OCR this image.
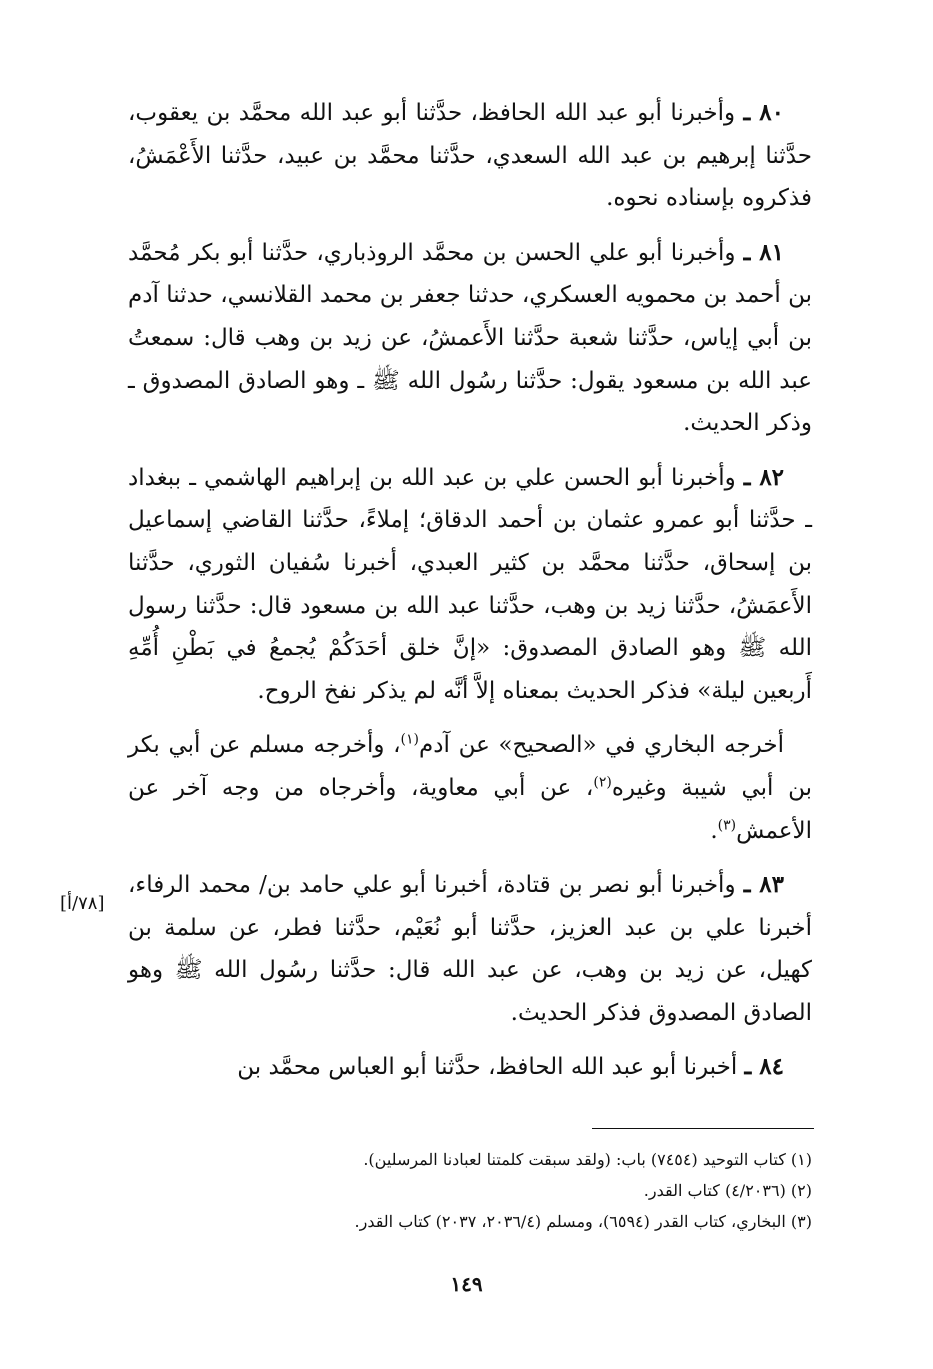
٨٠ ـ وأخبرنا أبو عبد الله الحافظ، حدَّثنا أبو عبد الله محمَّد بن يعقوب، حدَّثنا إبرهيم بن عبد الله السعدي، حدَّثنا محمَّد بن عبيد، حدَّثنا الأَعْمَشُ، فذكروه بإسناده نحوه.

٨١ ـ وأخبرنا أبو علي الحسن بن محمَّد الروذباري، حدَّثنا أبو بكر مُحمَّد بن أحمد بن محمويه العسكري، حدثنا جعفر بن محمد القلانسي، حدثنا آدم بن أبي إياس، حدَّثنا شعبة حدَّثنا الأَعمشُ، عن زيد بن وهب قال: سمعتُ عبد الله بن مسعود يقول: حدَّثنا رسُول الله ﷺ ـ وهو الصادق المصدوق ـ وذكر الحديث.

٨٢ ـ وأخبرنا أبو الحسن علي بن عبد الله بن إبراهيم الهاشمي ـ ببغداد ـ حدَّثنا أبو عمرو عثمان بن أحمد الدقاق؛ إملاءً، حدَّثنا القاضي إسماعيل بن إسحاق، حدَّثنا محمَّد بن كثير العبدي، أخبرنا سُفيان الثوري، حدَّثنا الأَعمَشُ، حدَّثنا زيد بن وهب، حدَّثنا عبد الله بن مسعود قال: حدَّثنا رسول الله ﷺ وهو الصادق المصدوق: «إنَّ خلق أحَدَكُمْ يُجمعُ في بَطْنِ أُمِّهِ أَربعين ليلة» فذكر الحديث بمعناه إلاَّ أنَّه لم يذكر نفخ الروح.

أخرجه البخاري في «الصحيح» عن آدم$^{(١)}$، وأخرجه مسلم عن أبي بكر بن أبي شيبة وغيره$^{(٢)}$، عن أبي معاوية، وأخرجاه من وجه آخر عن الأعمش$^{(٣)}$.

٨٣ ـ وأخبرنا أبو نصر بن قتادة، أخبرنا أبو علي حامد بن/ محمد الرفاء، أخبرنا علي بن عبد العزيز، حدَّثنا أبو نُعَيْم، حدَّثنا فطر، عن سلمة بن كهيل، عن زيد بن وهب، عن عبد الله قال: حدَّثنا رسُول الله ﷺ وهو الصادق المصدوق فذكر الحديث.

٨٤ ـ أخبرنا أبو عبد الله الحافظ، حدَّثنا أبو العباس محمَّد بن

[٧٨/أ]

(١) كتاب التوحيد (٧٤٥٤) باب: (ولقد سبقت كلمتنا لعبادنا المرسلين).

(٢) (٤/٢٠٣٦) كتاب القدر.

(٣) البخاري، كتاب القدر (٦٥٩٤)، ومسلم (٢٠٣٦/٤، ٢٠٣٧) كتاب القدر.

١٤٩
